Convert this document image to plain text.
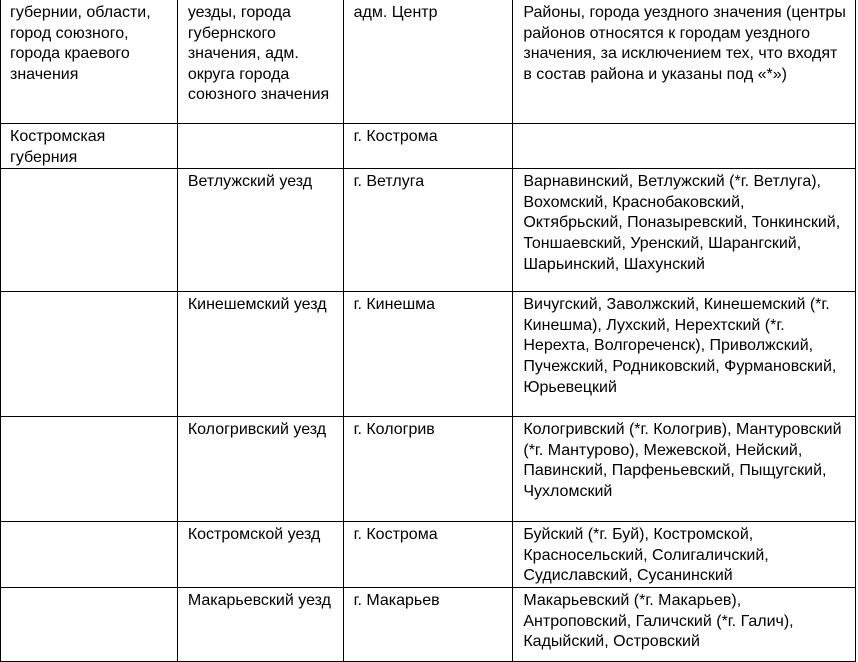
губернии, области, город союзного, города краевого значения	уезды, города губернского значения, адм. округа города союзного значения	адм. Центр	Районы, города уездного значения (центры районов относятся к городам уездного значения, за исключением тех, что входят в состав района и указаны под «*»)

Костромская губерния		г. Кострома	

	Ветлужский уезд	г. Ветлуга	Варнавинский, Ветлужский (*г. Ветлуга), Вохомский, Краснобаковский, Октябрьский, Поназыревский, Тонкинский, Тоншаевский, Уренский, Шарангский, Шарьинский, Шахунский

	Кинешемский уезд	г. Кинешма	Вичугский, Заволжский, Кинешемский (*г. Кинешма), Лухский, Нерехтский (*г. Нерехта, Волгореченск), Приволжский, Пучежский, Родниковский, Фурмановский, Юрьевецкий

	Кологривский уезд	г. Кологрив	Кологривский (*г. Кологрив), Мантуровский (*г. Мантурово), Межевской, Нейский, Павинский, Парфеньевский, Пыщугский, Чухломский

	Костромской уезд	г. Кострома	Буйский (*г. Буй), Костромской, Красносельский, Солигаличский, Судиславский, Сусанинский

	Макарьевский уезд	г. Макарьев	Макарьевский (*г. Макарьев), Антроповский, Галичский (*г. Галич), Кадыйский, Островский
